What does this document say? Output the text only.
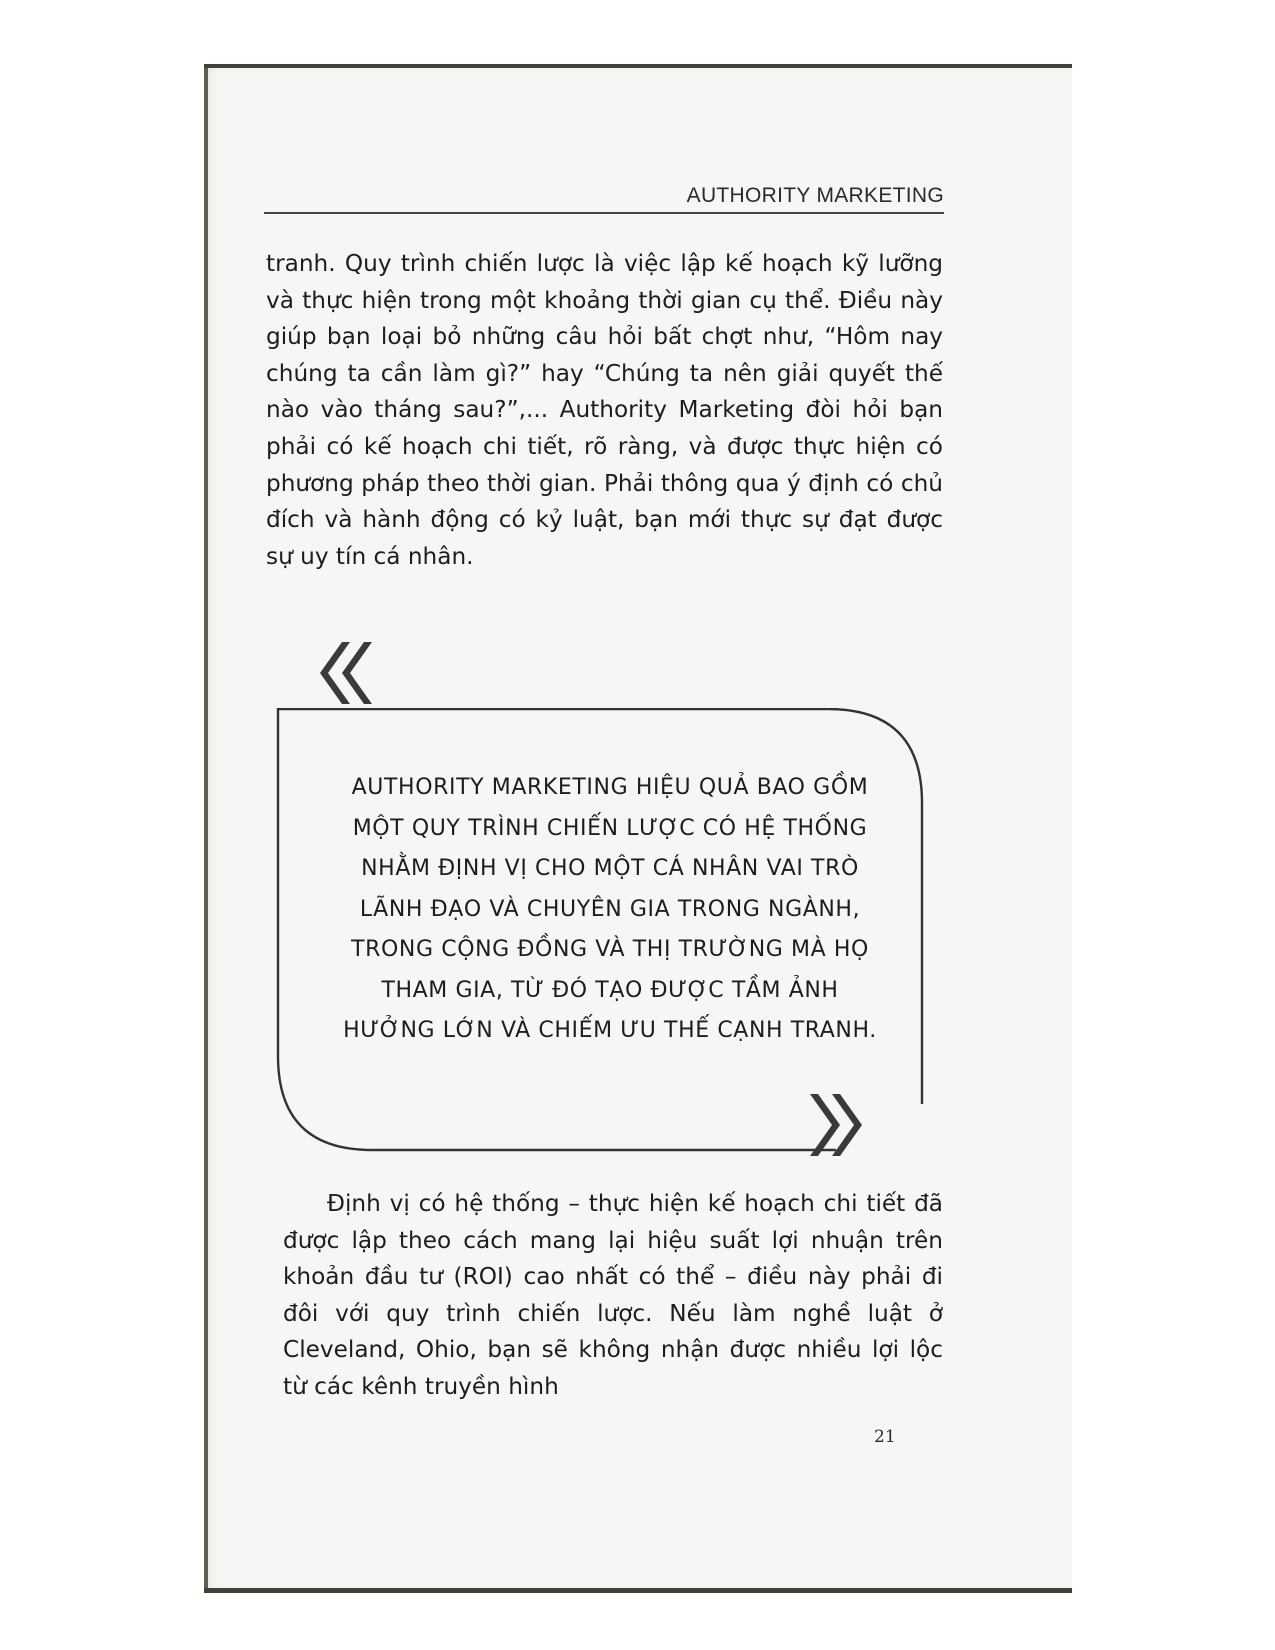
AUTHORITY MARKETING

tranh. Quy trình chiến lược là việc lập kế hoạch kỹ lưỡng và thực hiện trong một khoảng thời gian cụ thể. Điều này giúp bạn loại bỏ những câu hỏi bất chợt như, “Hôm nay chúng ta cần làm gì?” hay “Chúng ta nên giải quyết thế nào vào tháng sau?”,... Authority Marketing đòi hỏi bạn phải có kế hoạch chi tiết, rõ ràng, và được thực hiện có phương pháp theo thời gian. Phải thông qua ý định có chủ đích và hành động có kỷ luật, bạn mới thực sự đạt được sự uy tín cá nhân.

AUTHORITY MARKETING HIỆU QUẢ BAO GỒM MỘT QUY TRÌNH CHIẾN LƯỢC CÓ HỆ THỐNG NHẰM ĐỊNH VỊ CHO MỘT CÁ NHÂN VAI TRÒ LÃNH ĐẠO VÀ CHUYÊN GIA TRONG NGÀNH, TRONG CỘNG ĐỒNG VÀ THỊ TRƯỜNG MÀ HỌ THAM GIA, TỪ ĐÓ TẠO ĐƯỢC TẦM ẢNH HƯỞNG LỚN VÀ CHIẾM ƯU THẾ CẠNH TRANH.

Định vị có hệ thống – thực hiện kế hoạch chi tiết đã được lập theo cách mang lại hiệu suất lợi nhuận trên khoản đầu tư (ROI) cao nhất có thể – điều này phải đi đôi với quy trình chiến lược. Nếu làm nghề luật ở Cleveland, Ohio, bạn sẽ không nhận được nhiều lợi lộc từ các kênh truyền hình

21
